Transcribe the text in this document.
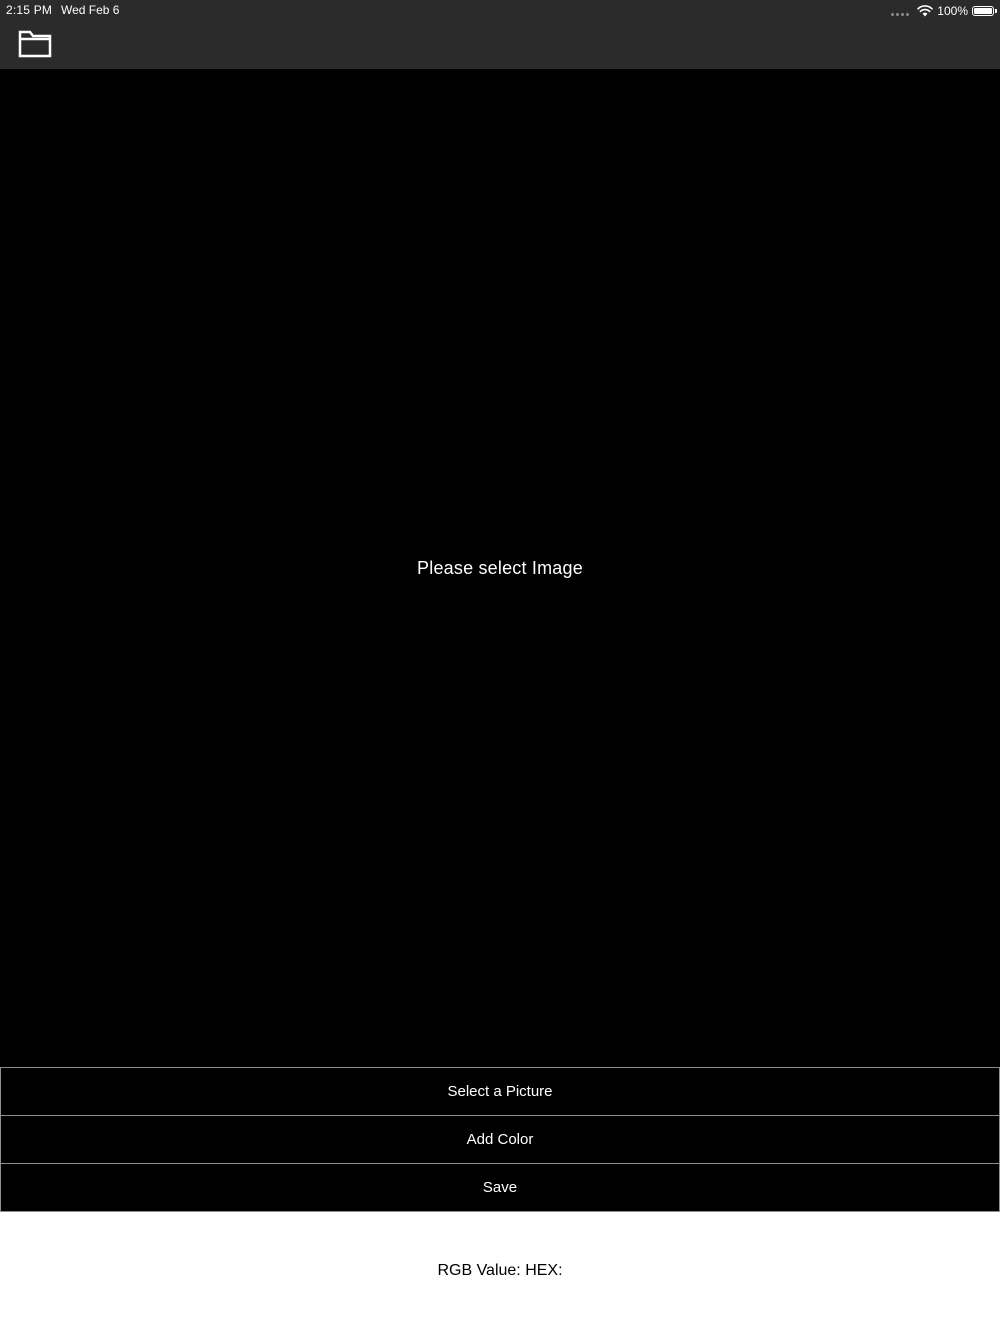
2:15 PM Wed Feb 6	100%
Please select Image
Select a Picture
Add Color
Save
RGB Value: HEX:
